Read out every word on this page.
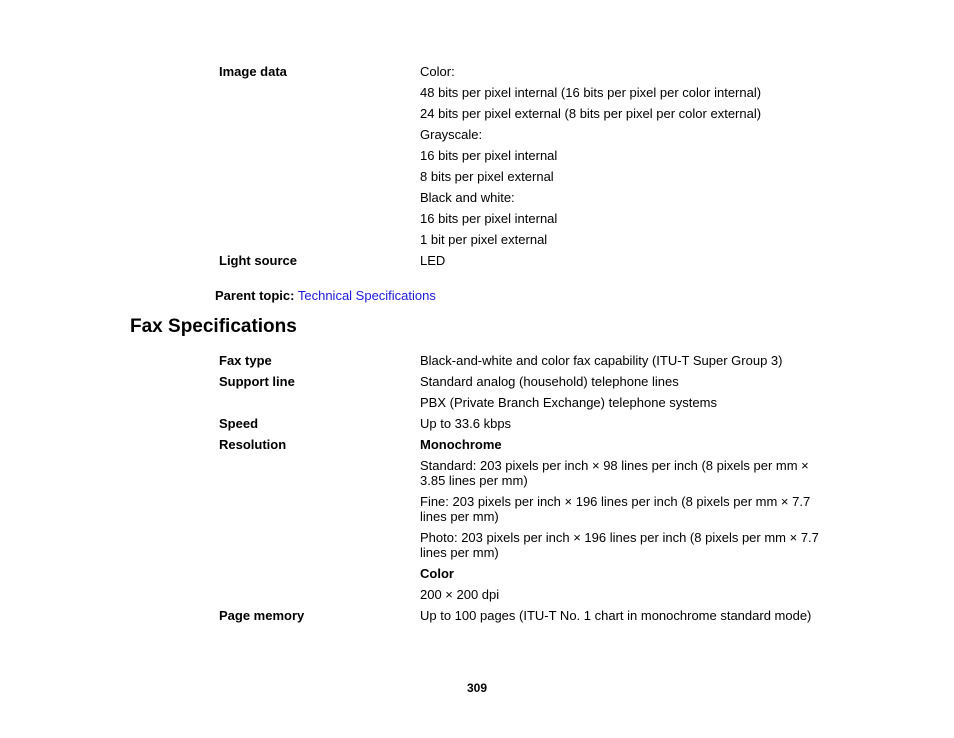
Image data	Color:
48 bits per pixel internal (16 bits per pixel per color internal)
24 bits per pixel external (8 bits per pixel per color external)
Grayscale:
16 bits per pixel internal
8 bits per pixel external
Black and white:
16 bits per pixel internal
1 bit per pixel external
Light source	LED
Parent topic: Technical Specifications
Fax Specifications
Fax type	Black-and-white and color fax capability (ITU-T Super Group 3)
Support line	Standard analog (household) telephone lines
PBX (Private Branch Exchange) telephone systems
Speed	Up to 33.6 kbps
Resolution	Monochrome
Standard: 203 pixels per inch × 98 lines per inch (8 pixels per mm × 3.85 lines per mm)
Fine: 203 pixels per inch × 196 lines per inch (8 pixels per mm × 7.7 lines per mm)
Photo: 203 pixels per inch × 196 lines per inch (8 pixels per mm × 7.7 lines per mm)
Color
200 × 200 dpi
Page memory	Up to 100 pages (ITU-T No. 1 chart in monochrome standard mode)
309
